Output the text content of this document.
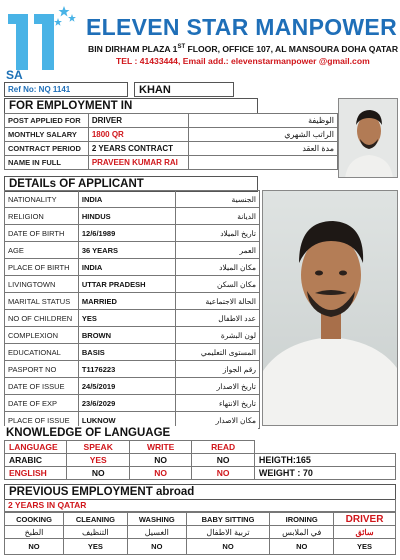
SA
ELEVEN STAR MANPOWER
BIN DIRHAM PLAZA 1ST FLOOR, OFFICE 107, AL MANSOURA DOHA QATAR
TEL : 41433444, Email add.: elevenstarmanpower @gmail.com
Ref No: NQ 1141	KHAN
FOR EMPLOYMENT IN
POST APPLIED FOR	DRIVER	الوظيفة
MONTHLY SALARY	1800 QR	الراتب الشهري
CONTRACT PERIOD	2 YEARS CONTRACT	مدة العقد
NAME IN FULL	PRAVEEN KUMAR RAI	
DETAILs OF APPLICANT
NATIONALITY	INDIA	الجنسية
RELIGION	HINDUS	الديانة
DATE OF BIRTH	12/6/1989	تاريخ الميلاد
AGE	36 YEARS	العمر
PLACE OF BIRTH	INDIA	مكان الميلاد
LIVINGTOWN	UTTAR PRADESH	مكان السكن
MARITAL STATUS	MARRIED	الحالة الاجتماعية
NO OF CHILDREN	YES	عدد الاطفال
COMPLEXION	BROWN	لون البشرة
EDUCATIONAL	BASIS	المستوى التعليمي
PASPORT NO	T1176223	رقم الجواز
DATE OF ISSUE	24/5/2019	تاريخ الاصدار
DATE OF EXP	23/6/2029	تاريخ الانتهاء
PLACE OF ISSUE	LUKNOW	مكان الاصدار
KNOWLEDGE OF LANGUAGE
LANGUAGE	SPEAK	WRITE	READ	
ARABIC	YES	NO	NO	HEIGTH:165
ENGLISH	NO	NO	NO	WEIGHT : 70
PREVIOUS EMPLOYMENT abroad
2 YEARS IN QATAR
COOKING	CLEANING	WASHING	BABY SITTING	IRONING	DRIVER
الطبخ	التنظيف	الغسيل	تربية الاطفال	في الملابس	سائق
NO	YES	NO	NO	NO	YES
